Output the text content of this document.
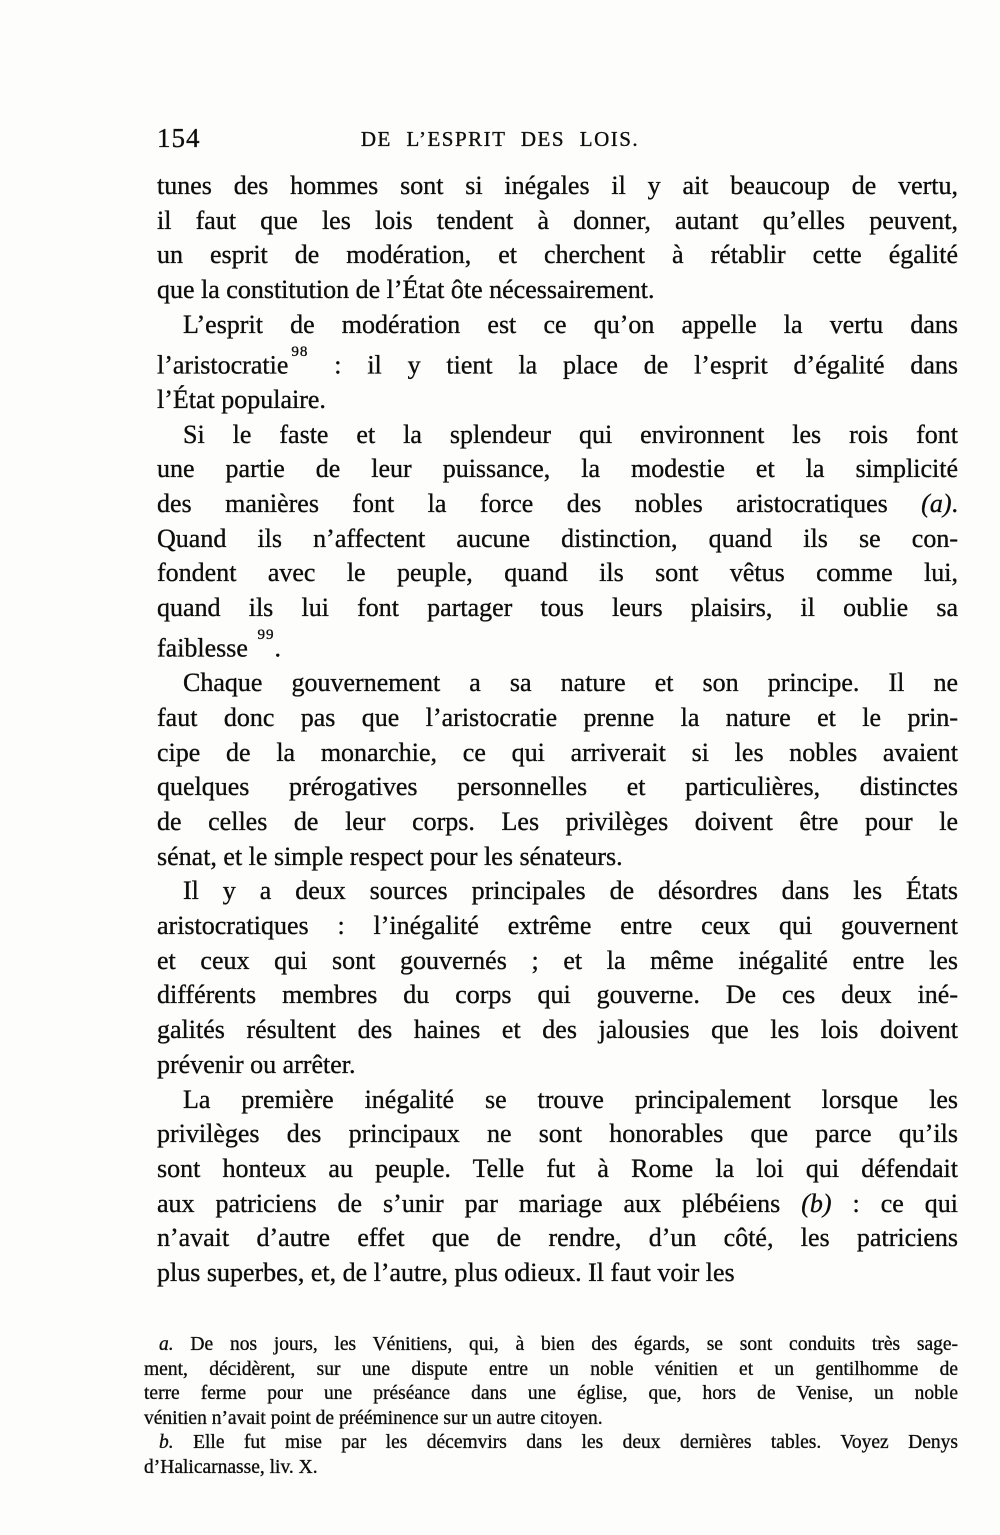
154	DE L’ESPRIT DES LOIS.
tunes des hommes sont si inégales il y ait beaucoup de vertu,
il faut que les lois tendent à donner, autant qu’elles peuvent,
un esprit de modération, et cherchent à rétablir cette égalité
que la constitution de l’État ôte nécessairement.
L’esprit de modération est ce qu’on appelle la vertu dans
l’aristocratie $^{98}$ : il y tient la place de l’esprit d’égalité dans
l’État populaire.
Si le faste et la splendeur qui environnent les rois font
une partie de leur puissance, la modestie et la simplicité
des manières font la force des nobles aristocratiques (a).
Quand ils n’affectent aucune distinction, quand ils se con-
fondent avec le peuple, quand ils sont vêtus comme lui,
quand ils lui font partager tous leurs plaisirs, il oublie sa
faiblesse $^{99}$.
Chaque gouvernement a sa nature et son principe. Il ne
faut donc pas que l’aristocratie prenne la nature et le prin-
cipe de la monarchie, ce qui arriverait si les nobles avaient
quelques prérogatives personnelles et particulières, distinctes
de celles de leur corps. Les privilèges doivent être pour le
sénat, et le simple respect pour les sénateurs.
Il y a deux sources principales de désordres dans les États
aristocratiques : l’inégalité extrême entre ceux qui gouvernent
et ceux qui sont gouvernés ; et la même inégalité entre les
différents membres du corps qui gouverne. De ces deux iné-
galités résultent des haines et des jalousies que les lois doivent
prévenir ou arrêter.
La première inégalité se trouve principalement lorsque les
privilèges des principaux ne sont honorables que parce qu’ils
sont honteux au peuple. Telle fut à Rome la loi qui défendait
aux patriciens de s’unir par mariage aux plébéiens (b) : ce qui
n’avait d’autre effet que de rendre, d’un côté, les patriciens
plus superbes, et, de l’autre, plus odieux. Il faut voir les
a. De nos jours, les Vénitiens, qui, à bien des égards, se sont conduits très sage-
ment, décidèrent, sur une dispute entre un noble vénitien et un gentilhomme de
terre ferme pour une préséance dans une église, que, hors de Venise, un noble
vénitien n’avait point de prééminence sur un autre citoyen.
b. Elle fut mise par les décemvirs dans les deux dernières tables. Voyez Denys
d’Halicarnasse, liv. X.
